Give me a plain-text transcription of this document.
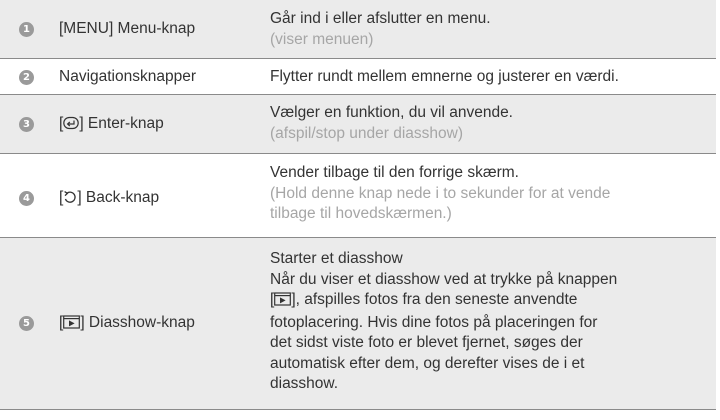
1 [MENU] Menu-knap
Går ind i eller afslutter en menu.
(viser menuen)
2 Navigationsknapper	Flytter rundt mellem emnerne og justerer en værdi.
3 [ ] Enter-knap
Vælger en funktion, du vil anvende.
(afspil/stop under diasshow)
4 [ ] Back-knap
Vender tilbage til den forrige skærm.
(Hold denne knap nede i to sekunder for at vende
tilbage til hovedskærmen.)
5 [ ] Diasshow-knap
Starter et diasshow
Når du viser et diasshow ved at trykke på knappen
[ ], afspilles fotos fra den seneste anvendte
fotoplacering. Hvis dine fotos på placeringen for
det sidst viste foto er blevet fjernet, søges der
automatisk efter dem, og derefter vises de i et
diasshow.
